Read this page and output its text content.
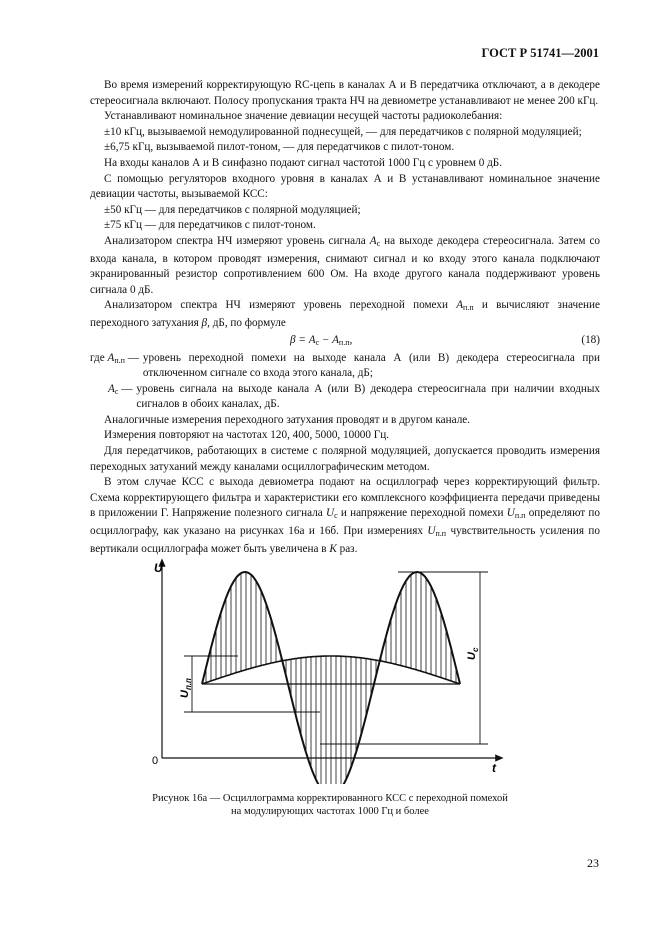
ГОСТ Р 51741—2001

Во время измерений корректирующую RC-цепь в каналах А и В передатчика отключают, а в декодере стереосигнала включают. Полосу пропускания тракта НЧ на девиометре устанавливают не менее 200 кГц.

Устанавливают номинальное значение девиации несущей частоты радиоколебания:

±10 кГц, вызываемой немодулированной поднесущей, — для передатчиков с полярной модуляцией;

±6,75 кГц, вызываемой пилот-тоном, — для передатчиков с пилот-тоном.

На входы каналов А и В синфазно подают сигнал частотой 1000 Гц с уровнем 0 дБ.

С помощью регуляторов входного уровня в каналах А и В устанавливают номинальное значение девиации частоты, вызываемой КСС:

±50 кГц — для передатчиков с полярной модуляцией;

±75 кГц — для передатчиков с пилот-тоном.

Анализатором спектра НЧ измеряют уровень сигнала $A_c$ на выходе декодера стереосигнала. Затем со входа канала, в котором проводят измерения, снимают сигнал и ко входу этого канала подключают экранированный резистор сопротивлением 600 Ом. На входе другого канала поддерживают уровень сигнала 0 дБ.

Анализатором спектра НЧ измеряют уровень переходной помехи $A_{п.п}$ и вычисляют значение переходного затухания β, дБ, по формуле

$\beta = A_c - A_{п.п}$,	(18)
где $A_{п.п}$ — уровень переходной помехи на выходе канала А (или В) декодера стереосигнала при отключенном сигнале со входа этого канала, дБ;
$A_c$ — уровень сигнала на выходе канала А (или В) декодера стереосигнала при наличии входных сигналов в обоих каналах, дБ.

Аналогичные измерения переходного затухания проводят и в другом канале.

Измерения повторяют на частотах 120, 400, 5000, 10000 Гц.

Для передатчиков, работающих в системе с полярной модуляцией, допускается проводить измерения переходных затуханий между каналами осциллографическим методом.

В этом случае КСС с выхода девиометра подают на осциллограф через корректирующий фильтр. Схема корректирующего фильтра и характеристики его комплексного коэффициента передачи приведены в приложении Г. Напряжение полезного сигнала $U_c$ и напряжение переходной помехи $U_{п.п}$ определяют по осциллографу, как указано на рисунках 16а и 16б. При измерениях $U_{п.п}$ чувствительность усиления по вертикали осциллографа может быть увеличена в K раз.

U
t
0
$U_c$
$U_{п.п}$
Рисунок 16а — Осциллограмма корректированного КСС с переходной помехой
на модулирующих частотах 1000 Гц и более
23
